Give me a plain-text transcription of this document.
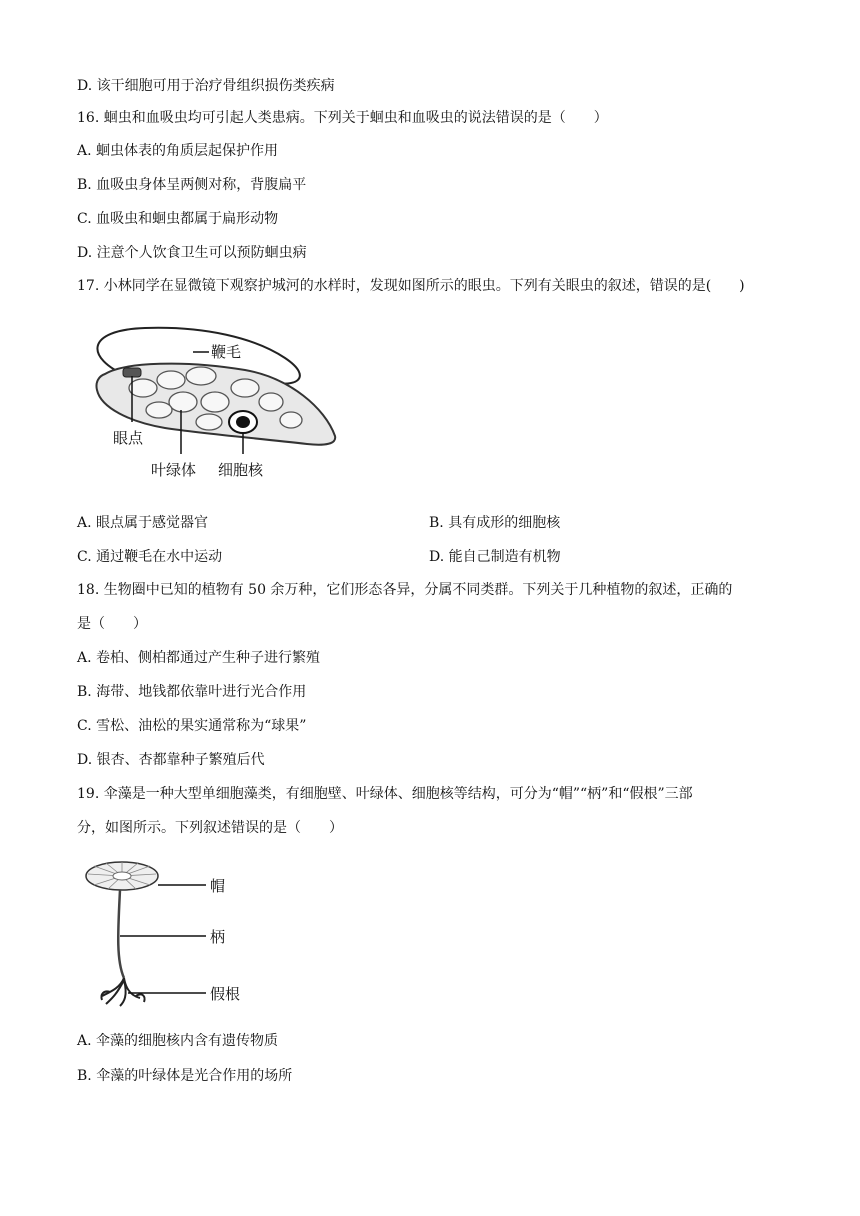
D. 该干细胞可用于治疗骨组织损伤类疾病
16. 蛔虫和血吸虫均可引起人类患病。下列关于蛔虫和血吸虫的说法错误的是（　　）
A. 蛔虫体表的角质层起保护作用
B. 血吸虫身体呈两侧对称，背腹扁平
C. 血吸虫和蛔虫都属于扁形动物
D. 注意个人饮食卫生可以预防蛔虫病
17. 小林同学在显微镜下观察护城河的水样时，发现如图所示的眼虫。下列有关眼虫的叙述，错误的是(　　)
鞭毛
眼点
叶绿体 细胞核
A. 眼点属于感觉器官	B. 具有成形的细胞核
C. 通过鞭毛在水中运动	D. 能自己制造有机物
18. 生物圈中已知的植物有 50 余万种，它们形态各异，分属不同类群。下列关于几种植物的叙述，正确的
是（　　）
A. 卷柏、侧柏都通过产生种子进行繁殖
B. 海带、地钱都依靠叶进行光合作用
C. 雪松、油松的果实通常称为“球果”
D. 银杏、杏都靠种子繁殖后代
19. 伞藻是一种大型单细胞藻类，有细胞壁、叶绿体、细胞核等结构，可分为“帽”“柄”和“假根”三部
分，如图所示。下列叙述错误的是（　　）
帽
柄
假根
A. 伞藻的细胞核内含有遗传物质
B. 伞藻的叶绿体是光合作用的场所
